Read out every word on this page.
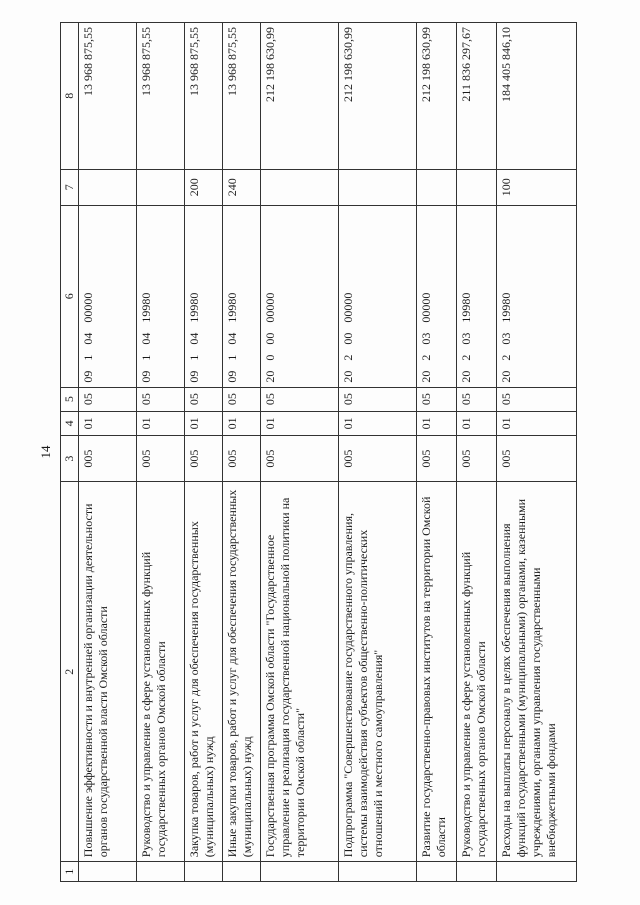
14
1	2	3	4	5	6	7	8
	Повышение эффективности и внутренней организации деятельности органов государственной власти Омской области	005	01	05	09 1 04 00000		13 968 875,55
	Руководство и управление в сфере установленных функций государственных органов Омской области	005	01	05	09 1 04 19980		13 968 875,55
	Закупка товаров, работ и услуг для обеспечения государственных (муниципальных) нужд	005	01	05	09 1 04 19980	200	13 968 875,55
	Иные закупки товаров, работ и услуг для обеспечения государственных (муниципальных) нужд	005	01	05	09 1 04 19980	240	13 968 875,55
	Государственная программа Омской области "Государственное управление и реализация государственной национальной политики на территории Омской области"	005	01	05	20 0 00 00000		212 198 630,99
	Подпрограмма "Совершенствование государственного управления, системы взаимодействия субъектов общественно-политических отношений и местного самоуправления"	005	01	05	20 2 00 00000		212 198 630,99
	Развитие государственно-правовых институтов на территории Омской области	005	01	05	20 2 03 00000		212 198 630,99
	Руководство и управление в сфере установленных функций государственных органов Омской области	005	01	05	20 2 03 19980		211 836 297,67
	Расходы на выплаты персоналу в целях обеспечения выполнения функций государственными (муниципальными) органами, казенными учреждениями, органами управления государственными внебюджетными фондами	005	01	05	20 2 03 19980	100	184 405 846,10
